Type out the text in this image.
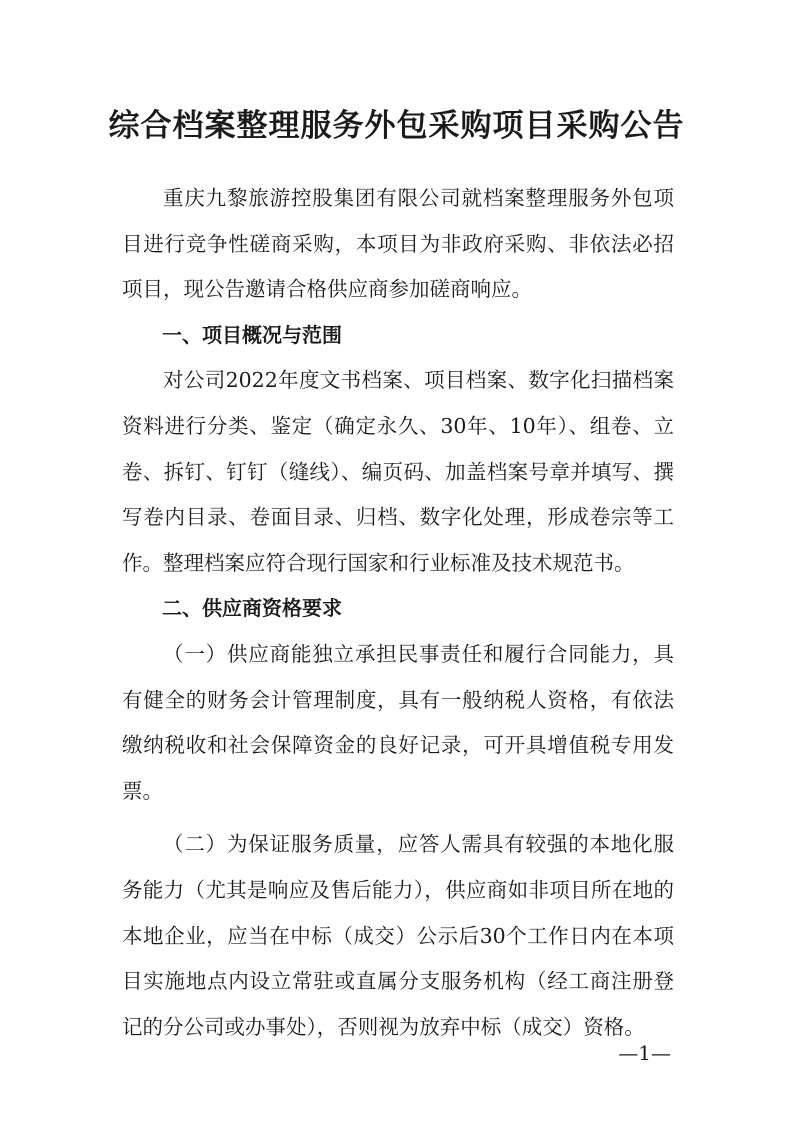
综合档案整理服务外包采购项目采购公告

重庆九黎旅游控股集团有限公司就档案整理服务外包项目进行竞争性磋商采购，本项目为非政府采购、非依法必招项目，现公告邀请合格供应商参加磋商响应。

一、项目概况与范围

对公司2022年度文书档案、项目档案、数字化扫描档案资料进行分类、鉴定（确定永久、30年、10年）、组卷、立卷、拆钉、钉钉（缝线）、编页码、加盖档案号章并填写、撰写卷内目录、卷面目录、归档、数字化处理，形成卷宗等工作。整理档案应符合现行国家和行业标准及技术规范书。

二、供应商资格要求

（一）供应商能独立承担民事责任和履行合同能力，具有健全的财务会计管理制度，具有一般纳税人资格，有依法缴纳税收和社会保障资金的良好记录，可开具增值税专用发票。

（二）为保证服务质量，应答人需具有较强的本地化服务能力（尤其是响应及售后能力），供应商如非项目所在地的本地企业，应当在中标（成交）公示后30个工作日内在本项目实施地点内设立常驻或直属分支服务机构（经工商注册登记的分公司或办事处），否则视为放弃中标（成交）资格。

—1—
